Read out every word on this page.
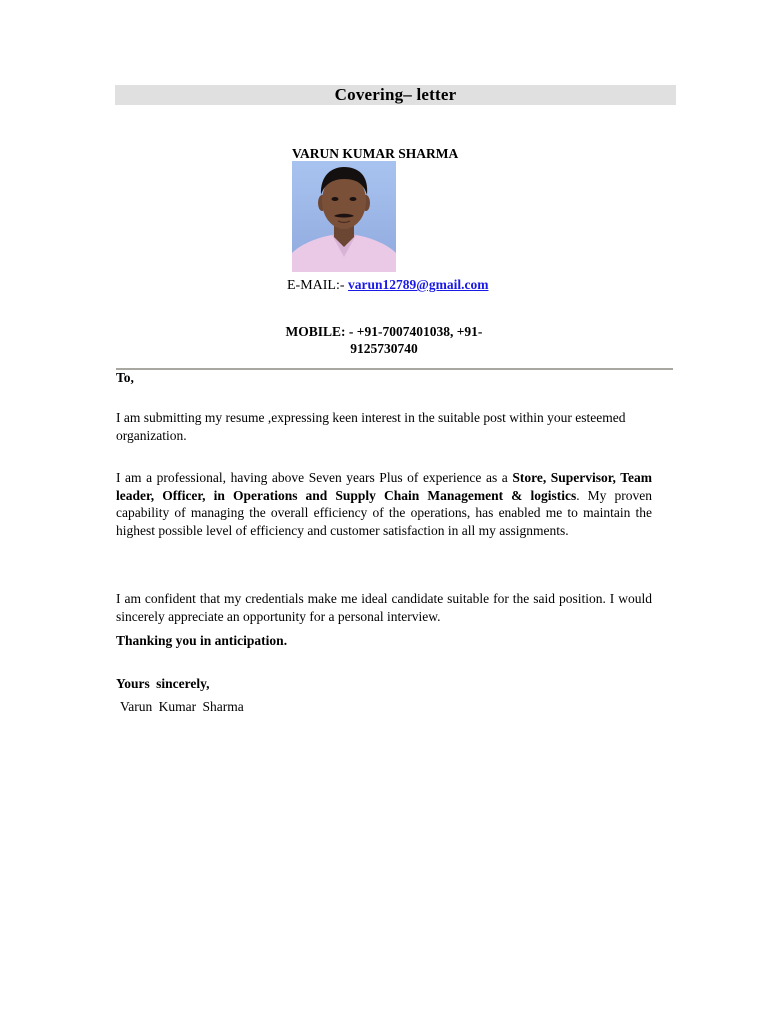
Covering– letter
VARUN KUMAR SHARMA
E-MAIL:- varun12789@gmail.com
MOBILE: - +91-7007401038, +91-
9125730740
To,
I am submitting my resume ,expressing keen interest in the suitable post within your esteemed organization.
I am a professional, having above Seven years Plus of experience as a Store, Supervisor, Team leader, Officer, in Operations and Supply Chain Management & logistics. My proven capability of managing the overall efficiency of the operations, has enabled me to maintain the highest possible level of efficiency and customer satisfaction in all my assignments.
I am confident that my credentials make me ideal candidate suitable for the said position. I would sincerely appreciate an opportunity for a personal interview.
Thanking you in anticipation.
Yours sincerely,
Varun Kumar Sharma
